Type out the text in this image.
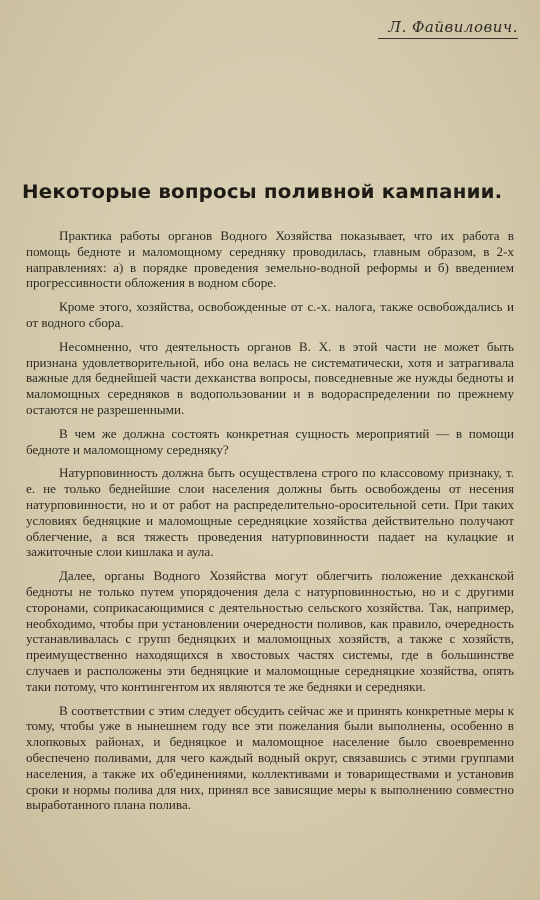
Л. Файвилович.
Некоторые вопросы поливной кампании.

Практика работы органов Водного Хозяйства показывает, что их работа в помощь бедноте и маломощному середняку проводилась, главным образом, в 2-х направлениях: а) в порядке проведения земельно-водной реформы и б) введением прогрессивности обложения в водном сборе.

Кроме этого, хозяйства, освобожденные от с.-х. налога, также освобождались и от водного сбора.

Несомненно, что деятельность органов В. Х. в этой части не может быть признана удовлетворительной, ибо она велась не систематически, хотя и затрагивала важные для беднейшей части дехканства вопросы, повседневные же нужды бедноты и маломощных середняков в водопользовании и в водораспределении по прежнему остаются не разрешенными.

В чем же должна состоять конкретная сущность мероприятий — в помощи бедноте и маломощному середняку?

Натурповинность должна быть осуществлена строго по классовому признаку, т. е. не только беднейшие слои населения должны быть освобождены от несения натурповинности, но и от работ на распределительно-оросительной сети. При таких условиях бедняцкие и маломощные середняцкие хозяйства действительно получают облегчение, а вся тяжесть проведения натурповинности падает на кулацкие и зажиточные слои кишлака и аула.

Далее, органы Водного Хозяйства могут облегчить положение дехканской бедноты не только путем упорядочения дела с натурповинностью, но и с другими сторонами, соприкасающимися с деятельностью сельского хозяйства. Так, например, необходимо, чтобы при установлении очередности поливов, как правило, очередность устанавливалась с групп бедняцких и маломощных хозяйств, а также с хозяйств, преимущественно находящихся в хвостовых частях системы, где в большинстве случаев и расположены эти бедняцкие и маломощные середняцкие хозяйства, опять таки потому, что контингентом их являются те же бедняки и середняки.

В соответствии с этим следует обсудить сейчас же и принять конкретные меры к тому, чтобы уже в нынешнем году все эти пожелания были выполнены, особенно в хлопковых районах, и бедняцкое и маломощное население было своевременно обеспечено поливами, для чего каждый водный округ, связавшись с этими группами населения, а также их об'единениями, коллективами и товариществами и установив сроки и нормы полива для них, принял все зависящие меры к выполнению совместно выработанного плана полива.
